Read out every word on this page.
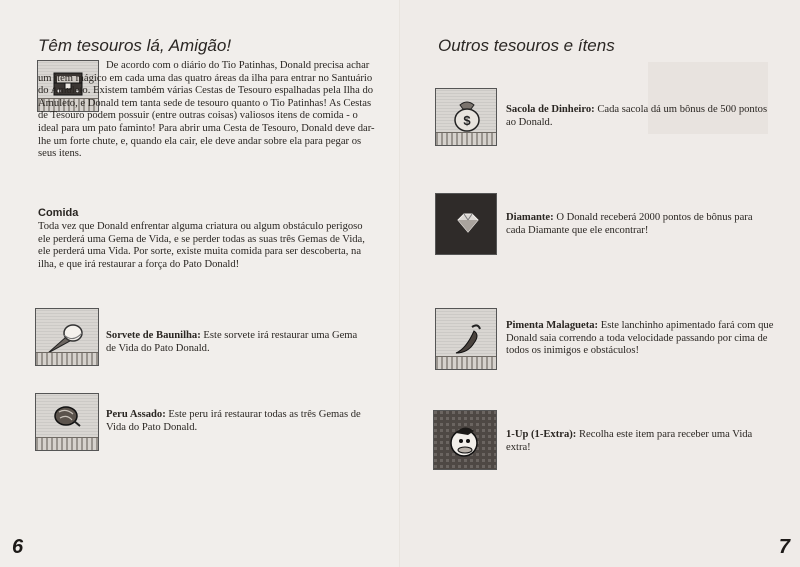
Têm tesouros lá, Amigão!

De acordo com o diário do Tio Patinhas, Donald precisa achar um item mágico em cada uma das quatro áreas da ilha para entrar no Santuário do Amuleto. Existem também várias Cestas de Tesouro espalhadas pela Ilha do Amuleto, e Donald tem tanta sede de tesouro quanto o Tio Patinhas! As Cestas de Tesouro podem possuir (entre outras coisas) valiosos itens de comida - o ideal para um pato faminto! Para abrir uma Cesta de Tesouro, Donald deve dar-lhe um forte chute, e, quando ela cair, ele deve andar sobre ela para pegar os seus itens.

Comida

Toda vez que Donald enfrentar alguma criatura ou algum obstáculo perigoso ele perderá uma Gema de Vida, e se perder todas as suas três Gemas de Vida, ele perderá uma Vida. Por sorte, existe muita comida para ser descoberta, na ilha, e que irá restaurar a força do Pato Donald!

Sorvete de Baunilha: Este sorvete irá restaurar uma Gema de Vida do Pato Donald.

Peru Assado: Este peru irá restaurar todas as três Gemas de Vida do Pato Donald.

6
Outros tesouros e ítens
$

Sacola de Dinheiro: Cada sacola dá um bônus de 500 pontos ao Donald.

Diamante: O Donald receberá 2000 pontos de bônus para cada Diamante que ele encontrar!

Pimenta Malagueta: Este lanchinho apimentado fará com que Donald saia correndo a toda velocidade passando por cima de todos os inimigos e obstáculos!

1-Up (1-Extra): Recolha este item para receber uma Vida extra!

7
